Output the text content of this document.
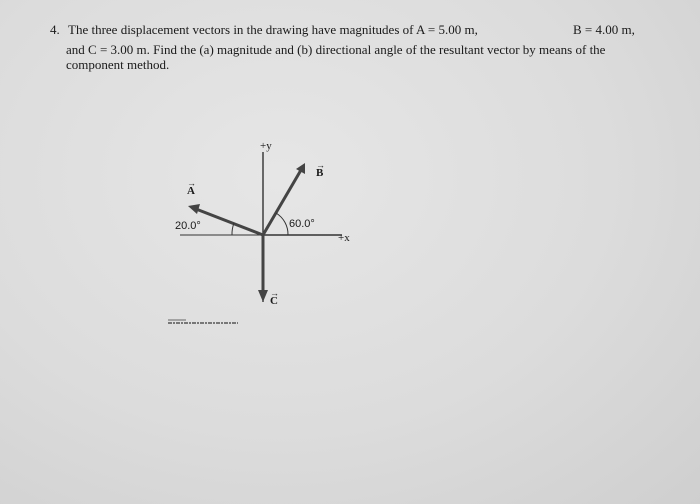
4. The three displacement vectors in the drawing have magnitudes of A = 5.00 m,	B = 4.00 m,
and C = 3.00 m. Find the (a) magnitude and (b) directional angle of the resultant vector by means of the
component method.
+y
+x
→
A
→
B
→
C
20.0°	60.0°
